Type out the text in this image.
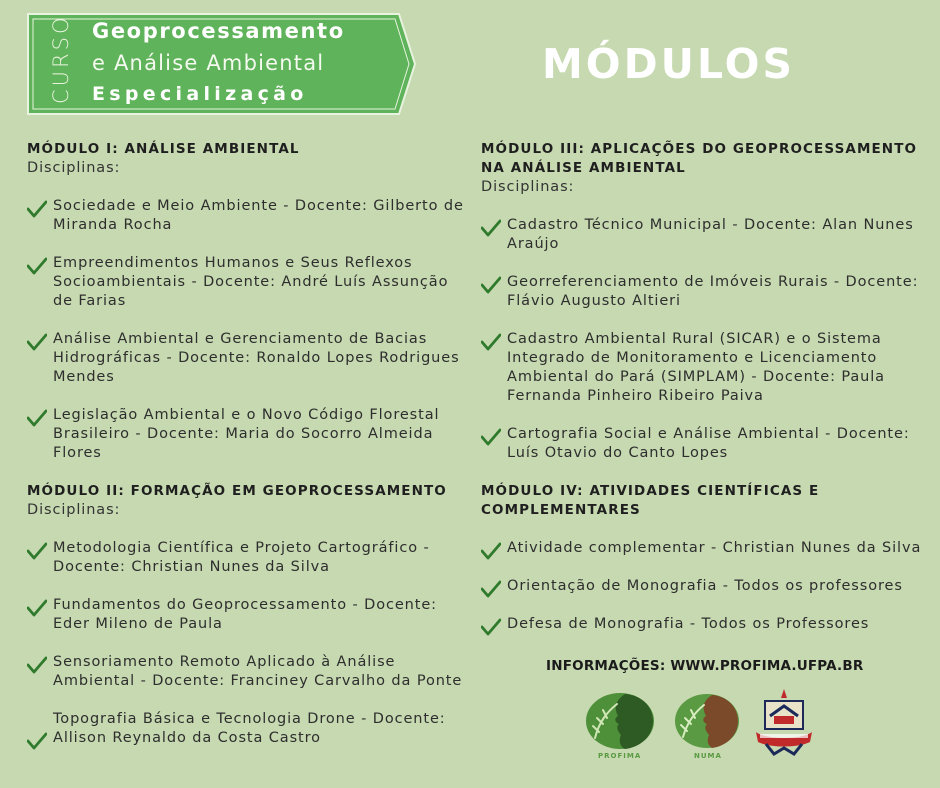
CURSO Geoprocessamento
e Análise Ambiental
Especialização
MÓDULOS
MÓDULO I: ANÁLISE AMBIENTAL
Disciplinas:
Sociedade e Meio Ambiente - Docente: Gilberto de Miranda Rocha
Empreendimentos Humanos e Seus Reflexos Socioambientais - Docente: André Luís Assunção de Farias
Análise Ambiental e Gerenciamento de Bacias Hidrográficas - Docente: Ronaldo Lopes Rodrigues Mendes
Legislação Ambiental e o Novo Código Florestal Brasileiro - Docente: Maria do Socorro Almeida Flores
MÓDULO II: FORMAÇÃO EM GEOPROCESSAMENTO
Disciplinas:
Metodologia Científica e Projeto Cartográfico - Docente: Christian Nunes da Silva
Fundamentos do Geoprocessamento - Docente: Eder Mileno de Paula
Sensoriamento Remoto Aplicado à Análise Ambiental - Docente: Franciney Carvalho da Ponte
Topografia Básica e Tecnologia Drone - Docente: Allison Reynaldo da Costa Castro
MÓDULO III: APLICAÇÕES DO GEOPROCESSAMENTO NA ANÁLISE AMBIENTAL
Disciplinas:
Cadastro Técnico Municipal - Docente: Alan Nunes Araújo
Georreferenciamento de Imóveis Rurais - Docente: Flávio Augusto Altieri
Cadastro Ambiental Rural (SICAR) e o Sistema Integrado de Monitoramento e Licenciamento Ambiental do Pará (SIMPLAM) - Docente: Paula Fernanda Pinheiro Ribeiro Paiva
Cartografia Social e Análise Ambiental - Docente: Luís Otavio do Canto Lopes
MÓDULO IV: ATIVIDADES CIENTÍFICAS E COMPLEMENTARES
Atividade complementar - Christian Nunes da Silva
Orientação de Monografia - Todos os professores
Defesa de Monografia - Todos os Professores
INFORMAÇÕES: WWW.PROFIMA.UFPA.BR
PROFIMA	NUMA
